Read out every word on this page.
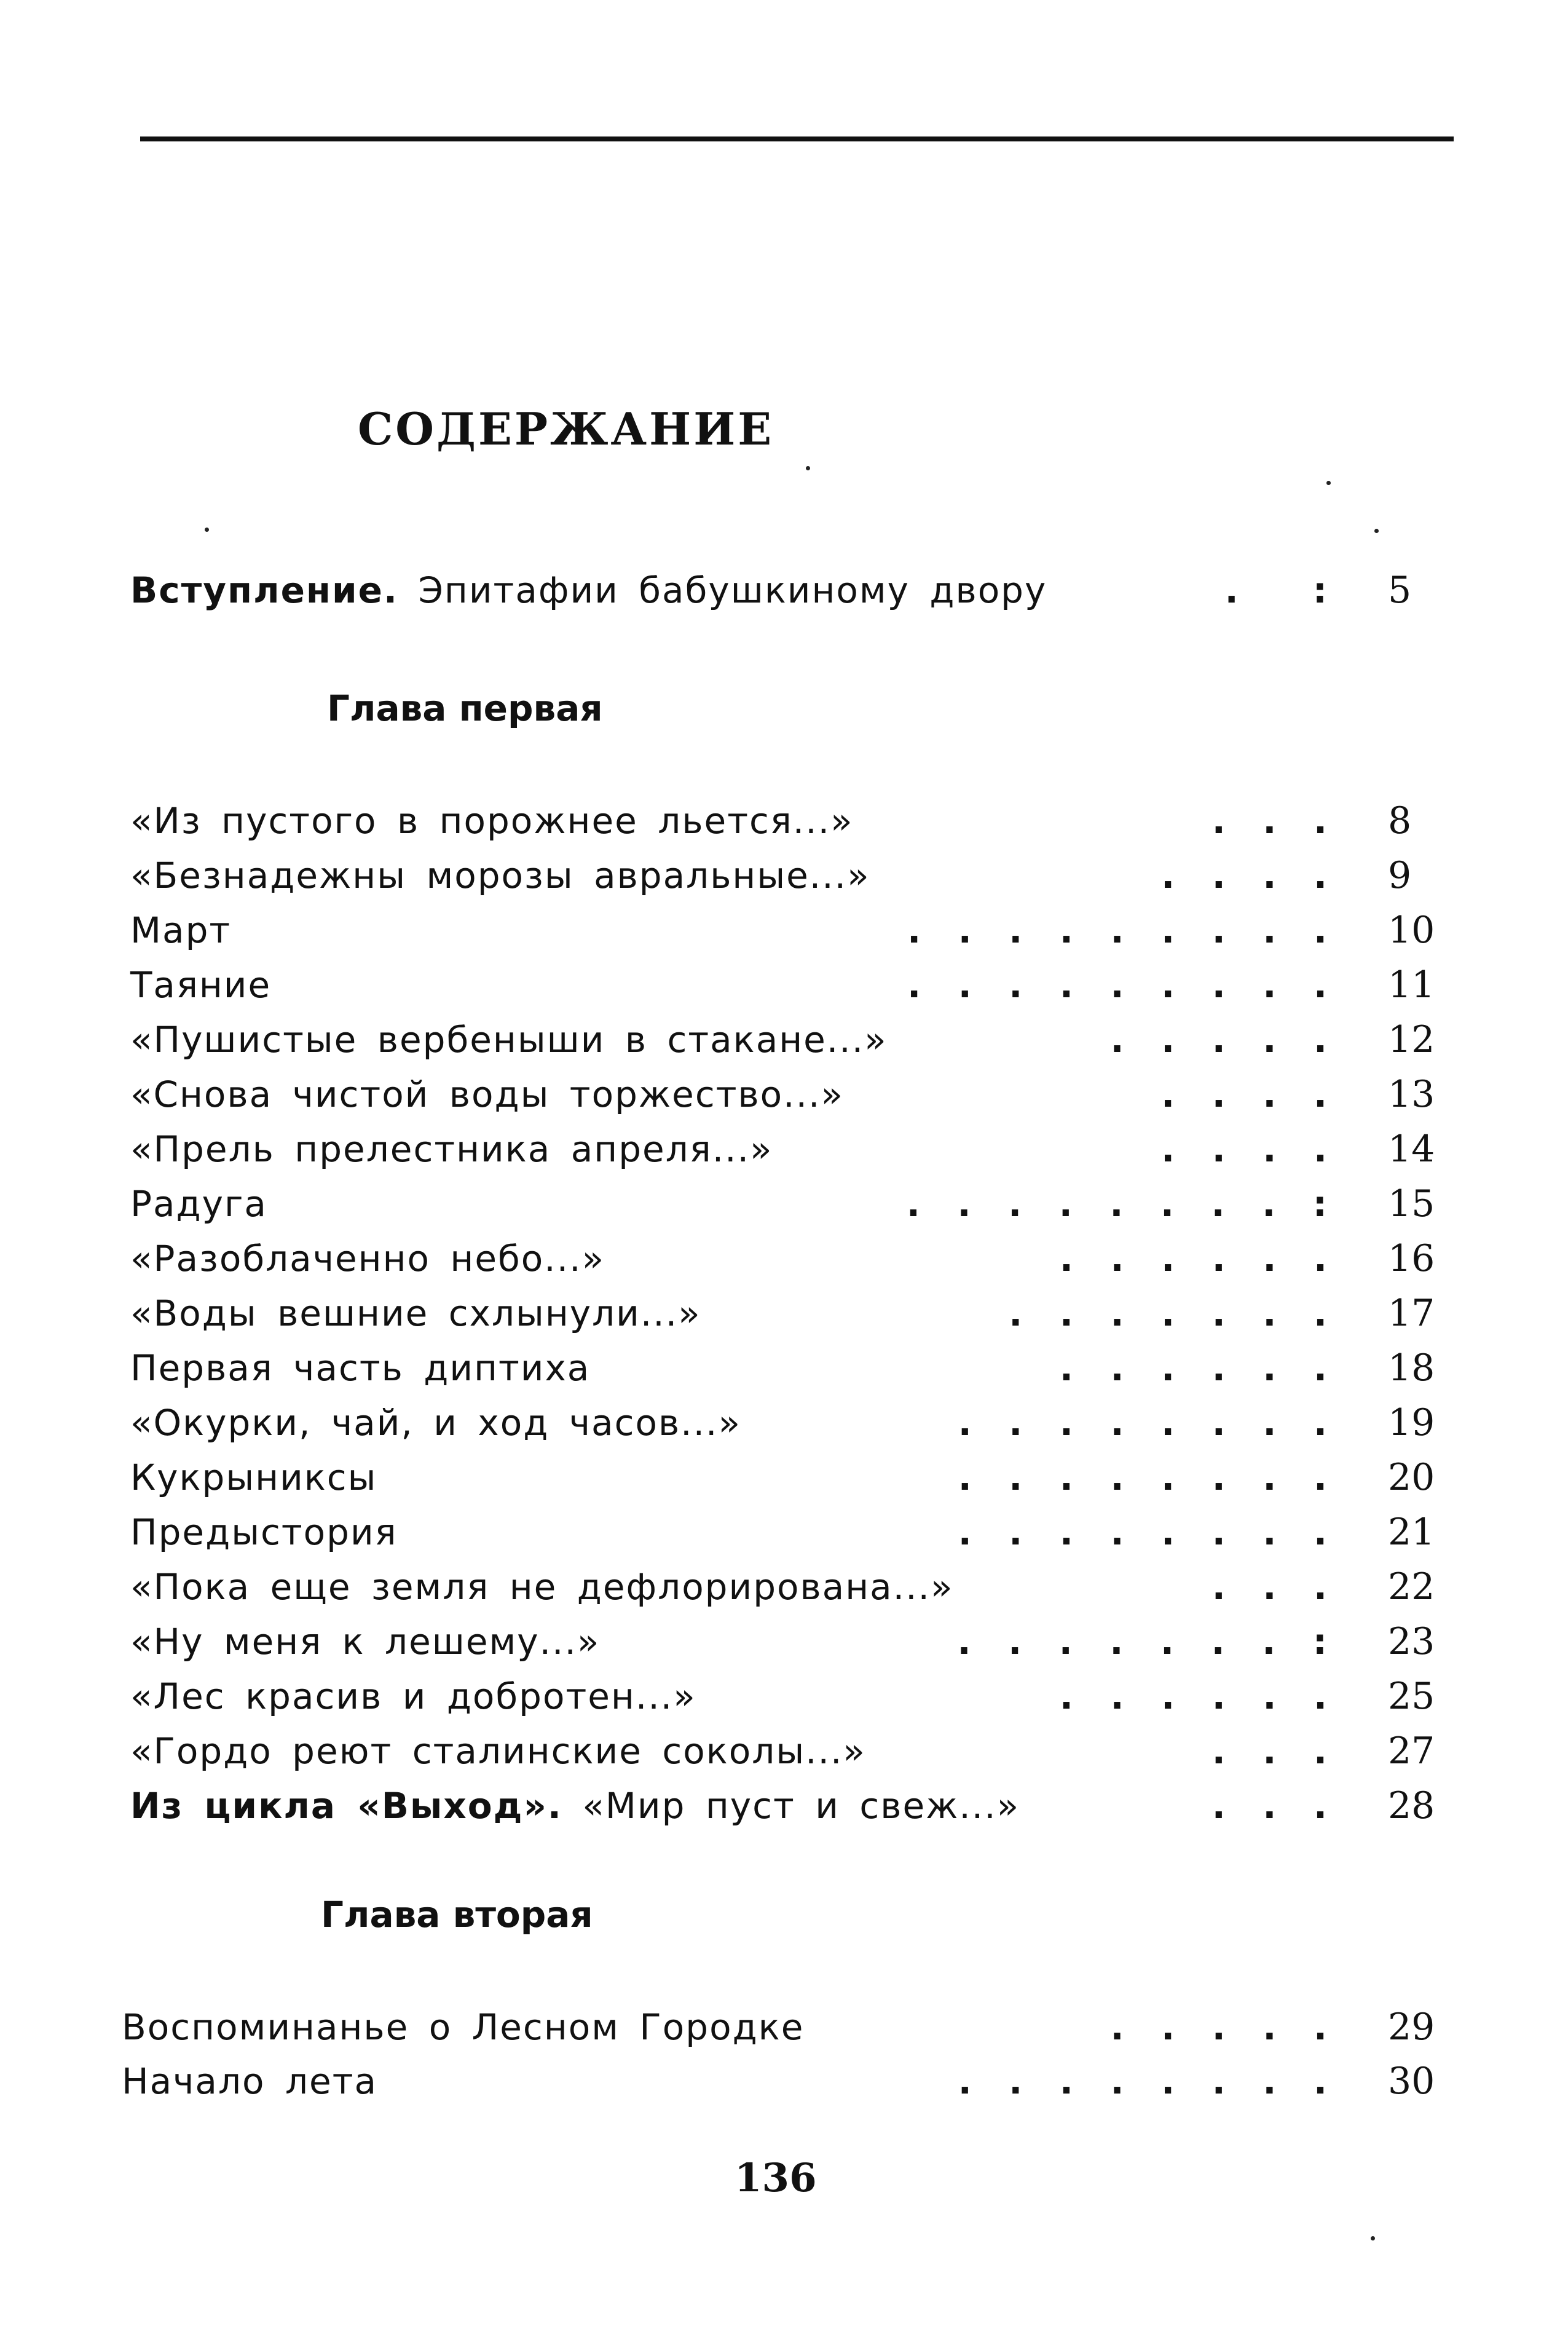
СОДЕРЖАНИЕ
Вступление. Эпитафии бабушкиному двору	.      : 5
Глава первая
«Из пустого в порожнее льется...»	.   .   . 8
«Безнадежны морозы авральные...»	.   .   .   . 9
Март	.   .   .   .   .   .   .   .   . 10
Таяние	.   .   .   .   .   .   .   .   . 11
«Пушистые вербеныши в стакане...»	.   .   .   .   . 12
«Снова чистой воды торжество...»	.   .   .   . 13
«Прель прелестника апреля...»	.   .   .   . 14
Радуга	.   .   .   .   .   .   .   .   : 15
«Разоблаченно небо...»	.   .   .   .   .   . 16
«Воды вешние схлынули...»	.   .   .   .   .   .   . 17
Первая часть диптиха	.   .   .   .   .   . 18
«Окурки, чай, и ход часов...»	.   .   .   .   .   .   .   . 19
Кукрыниксы	.   .   .   .   .   .   .   . 20
Предыстория	.   .   .   .   .   .   .   . 21
«Пока еще земля не дефлорирована...»	.   .   . 22
«Ну меня к лешему...»	.   .   .   .   .   .   .   : 23
«Лес красив и добротен...»	.   .   .   .   .   . 25
«Гордо реют сталинские соколы...»	.   .   . 27
Из цикла «Выход». «Мир пуст и свеж...»	.   .   . 28
Глава вторая
Воспоминанье о Лесном Городке	.   .   .   .   . 29
Начало лета	.   .   .   .   .   .   .   . 30
136
